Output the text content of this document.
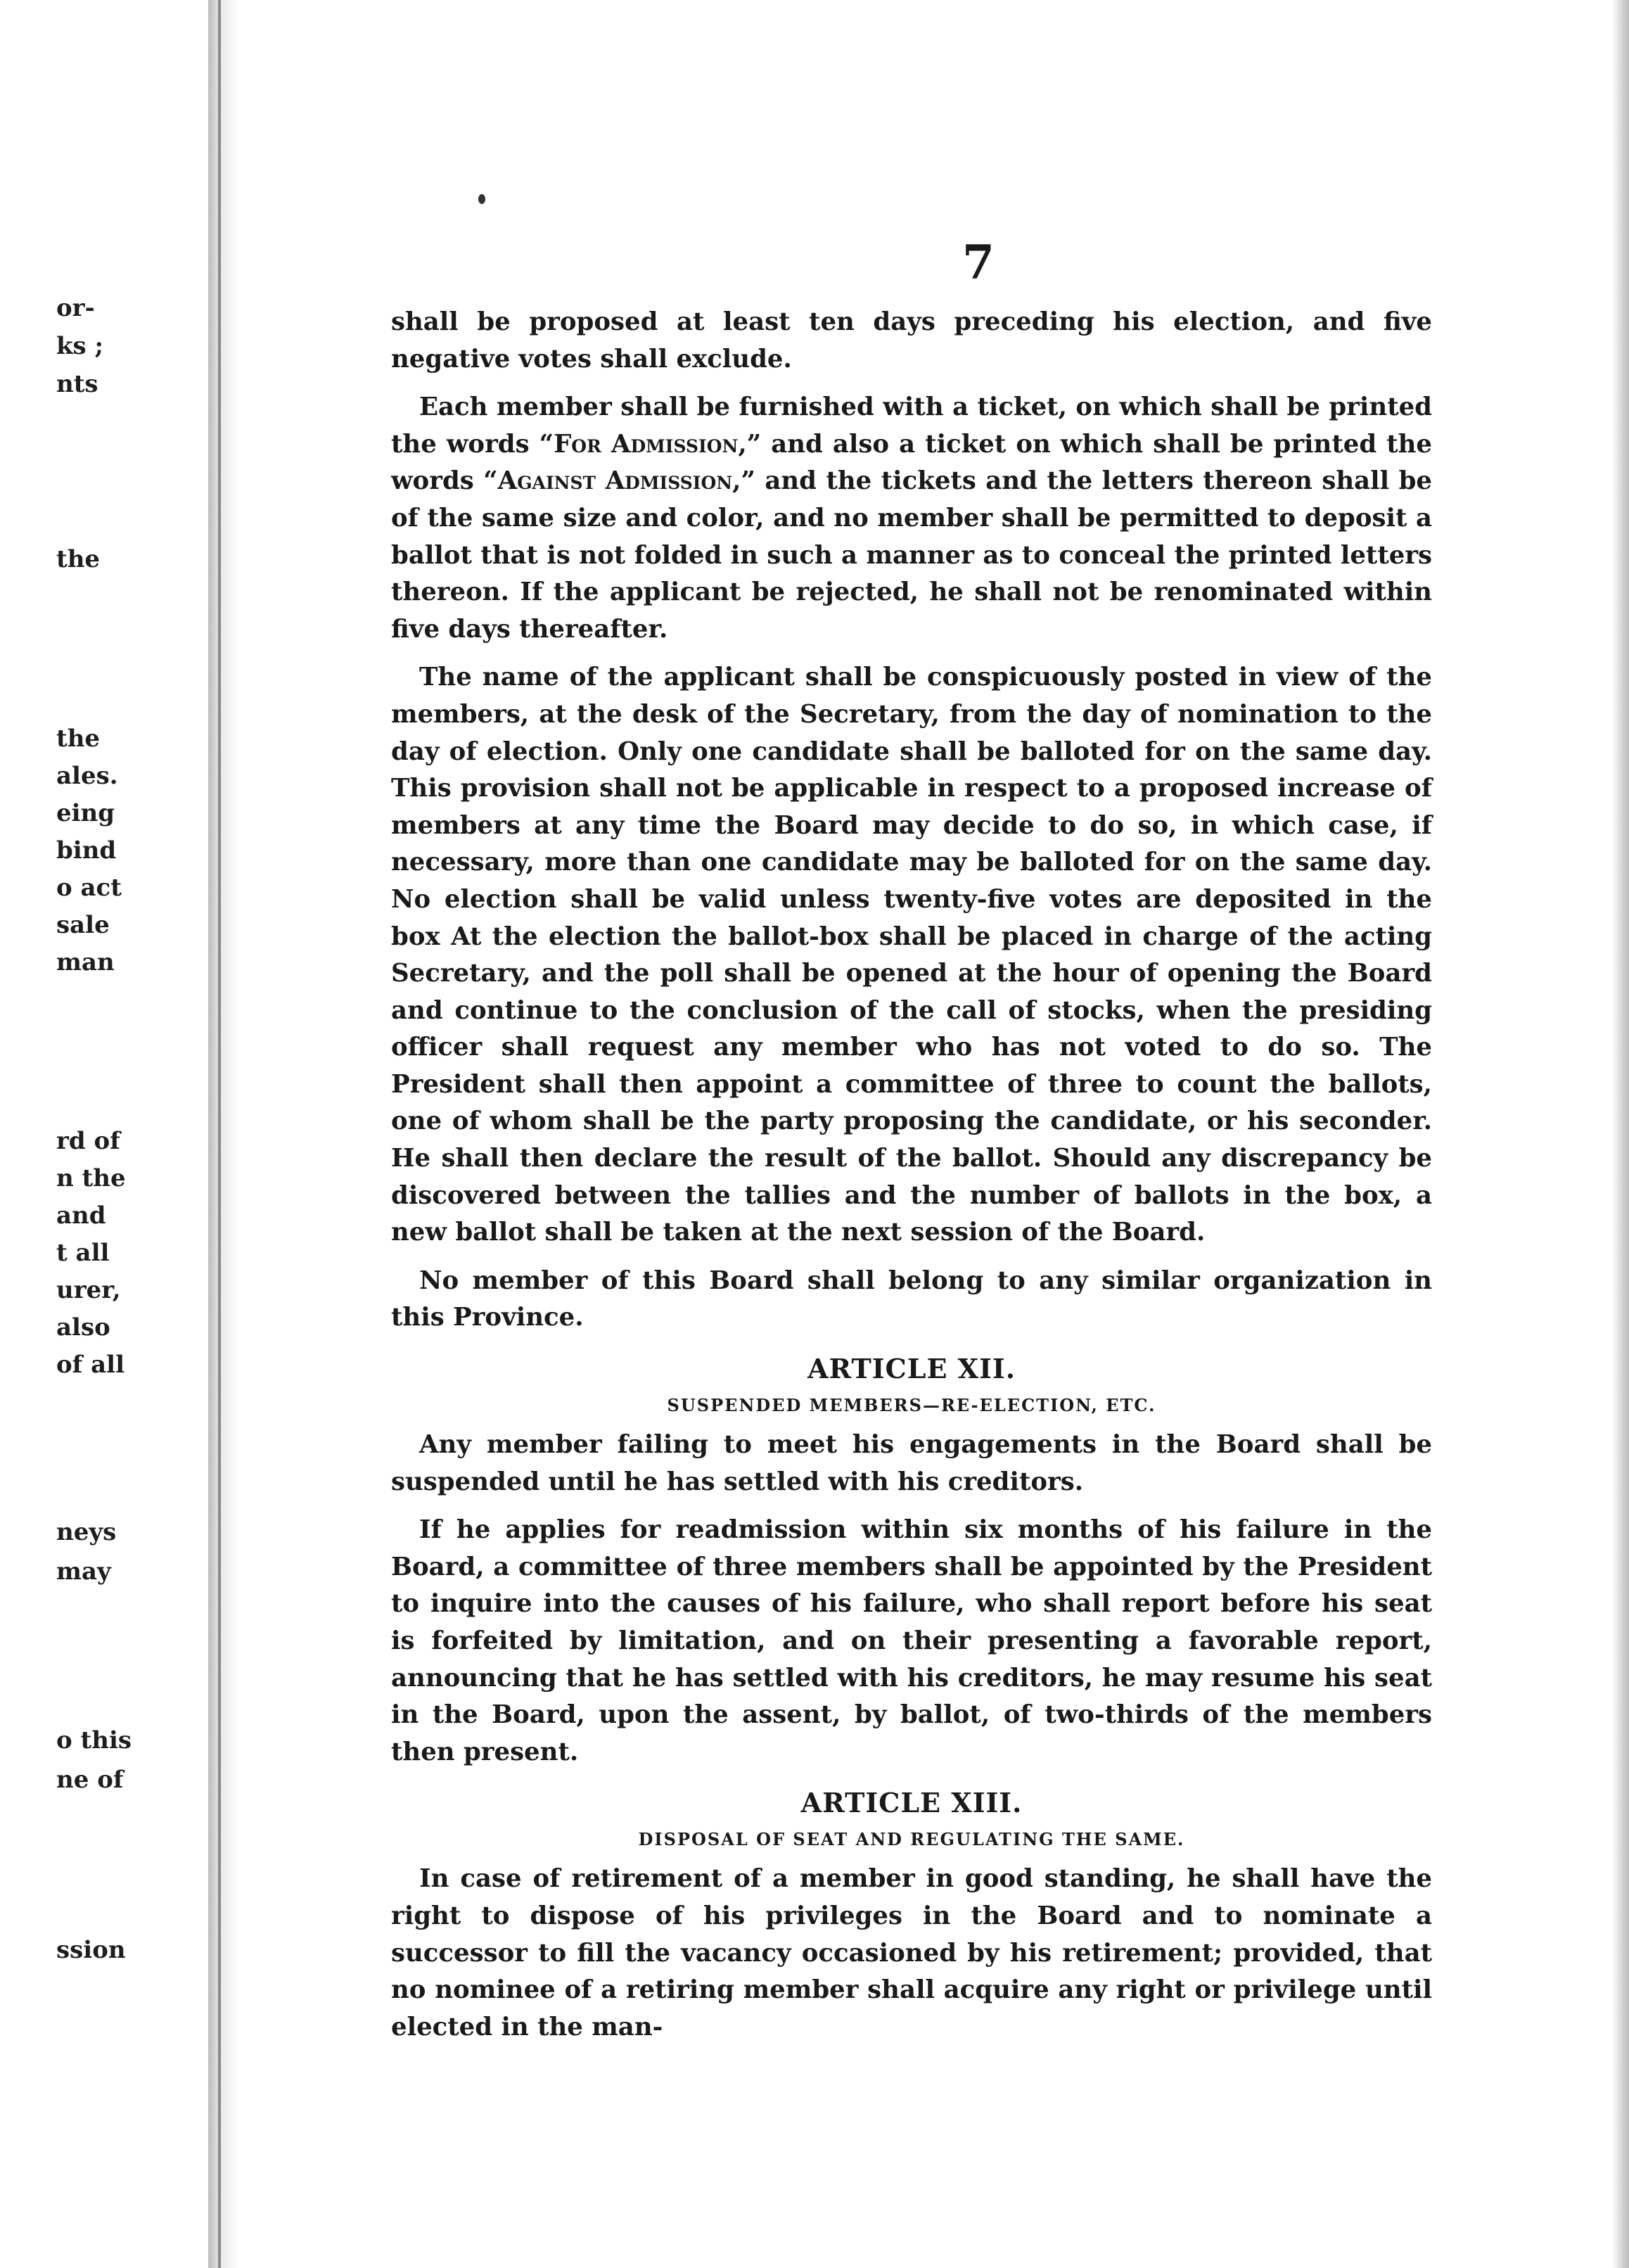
or-
ks ;
nts
the
the
ales.
eing
bind
o act
sale
man
rd of
n the
and
t all
urer,
also
of all
neys
may
o this
ne of
ssion
7

shall be proposed at least ten days preceding his election, and five negative votes shall exclude.

Each member shall be furnished with a ticket, on which shall be printed the words “For Admission,” and also a ticket on which shall be printed the words “Against Admission,” and the tickets and the letters thereon shall be of the same size and color, and no member shall be permitted to deposit a ballot that is not folded in such a manner as to conceal the printed letters thereon. If the applicant be rejected, he shall not be renominated within five days thereafter.

The name of the applicant shall be conspicuously posted in view of the members, at the desk of the Secretary, from the day of nomination to the day of election. Only one candidate shall be balloted for on the same day. This provision shall not be applicable in respect to a proposed increase of members at any time the Board may decide to do so, in which case, if necessary, more than one candidate may be balloted for on the same day. No election shall be valid unless twenty-five votes are deposited in the box At the election the ballot-box shall be placed in charge of the acting Secretary, and the poll shall be opened at the hour of opening the Board and continue to the conclusion of the call of stocks, when the presiding officer shall request any member who has not voted to do so. The President shall then appoint a committee of three to count the ballots, one of whom shall be the party proposing the candidate, or his seconder. He shall then declare the result of the ballot. Should any discrepancy be discovered between the tallies and the number of ballots in the box, a new ballot shall be taken at the next session of the Board.

No member of this Board shall belong to any similar organization in this Province.

ARTICLE XII.
SUSPENDED MEMBERS—RE-ELECTION, ETC.

Any member failing to meet his engagements in the Board shall be suspended until he has settled with his creditors.

If he applies for readmission within six months of his failure in the Board, a committee of three members shall be appointed by the President to inquire into the causes of his failure, who shall report before his seat is forfeited by limitation, and on their presenting a favorable report, announcing that he has settled with his creditors, he may resume his seat in the Board, upon the assent, by ballot, of two-thirds of the members then present.

ARTICLE XIII.
DISPOSAL OF SEAT AND REGULATING THE SAME.

In case of retirement of a member in good standing, he shall have the right to dispose of his privileges in the Board and to nominate a successor to fill the vacancy occasioned by his retirement; provided, that no nominee of a retiring member shall acquire any right or privilege until elected in the man-
